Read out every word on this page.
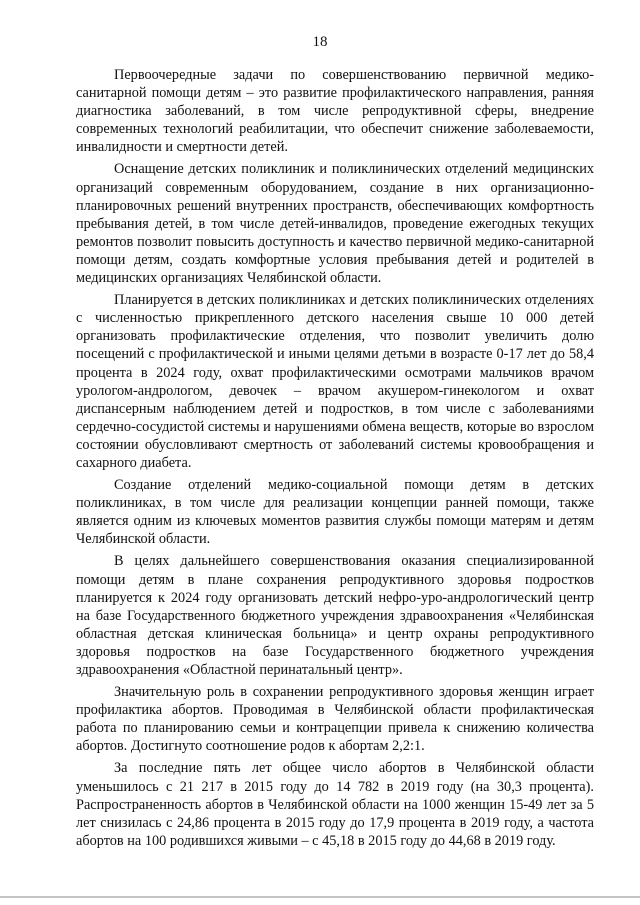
18

Первоочередные задачи по совершенствованию первичной медико-санитарной помощи детям – это развитие профилактического направления, ранняя диагностика заболеваний, в том числе репродуктивной сферы, внедрение современных технологий реабилитации, что обеспечит снижение заболеваемости, инвалидности и смертности детей.

Оснащение детских поликлиник и поликлинических отделений медицинских организаций современным оборудованием, создание в них организационно-планировочных решений внутренних пространств, обеспечивающих комфортность пребывания детей, в том числе детей-инвалидов, проведение ежегодных текущих ремонтов позволит повысить доступность и качество первичной медико-санитарной помощи детям, создать комфортные условия пребывания детей и родителей в медицинских организациях Челябинской области.

Планируется в детских поликлиниках и детских поликлинических отделениях с численностью прикрепленного детского населения свыше 10 000 детей организовать профилактические отделения, что позволит увеличить долю посещений с профилактической и иными целями детьми в возрасте 0-17 лет до 58,4 процента в 2024 году, охват профилактическими осмотрами мальчиков врачом урологом-андрологом, девочек – врачом акушером-гинекологом и охват диспансерным наблюдением детей и подростков, в том числе с заболеваниями сердечно-сосудистой системы и нарушениями обмена веществ, которые во взрослом состоянии обусловливают смертность от заболеваний системы кровообращения и сахарного диабета.

Создание отделений медико-социальной помощи детям в детских поликлиниках, в том числе для реализации концепции ранней помощи, также является одним из ключевых моментов развития службы помощи матерям и детям Челябинской области.

В целях дальнейшего совершенствования оказания специализированной помощи детям в плане сохранения репродуктивного здоровья подростков планируется к 2024 году организовать детский нефро-уро-андрологический центр на базе Государственного бюджетного учреждения здравоохранения «Челябинская областная детская клиническая больница» и центр охраны репродуктивного здоровья подростков на базе Государственного бюджетного учреждения здравоохранения «Областной перинатальный центр».

Значительную роль в сохранении репродуктивного здоровья женщин играет профилактика абортов. Проводимая в Челябинской области профилактическая работа по планированию семьи и контрацепции привела к снижению количества абортов. Достигнуто соотношение родов к абортам 2,2:1.

За последние пять лет общее число абортов в Челябинской области уменьшилось с 21 217 в 2015 году до 14 782 в 2019 году (на 30,3 процента). Распространенность абортов в Челябинской области на 1000 женщин 15-49 лет за 5 лет снизилась с 24,86 процента в 2015 году до 17,9 процента в 2019 году, а частота абортов на 100 родившихся живыми – с 45,18 в 2015 году до 44,68 в 2019 году.
